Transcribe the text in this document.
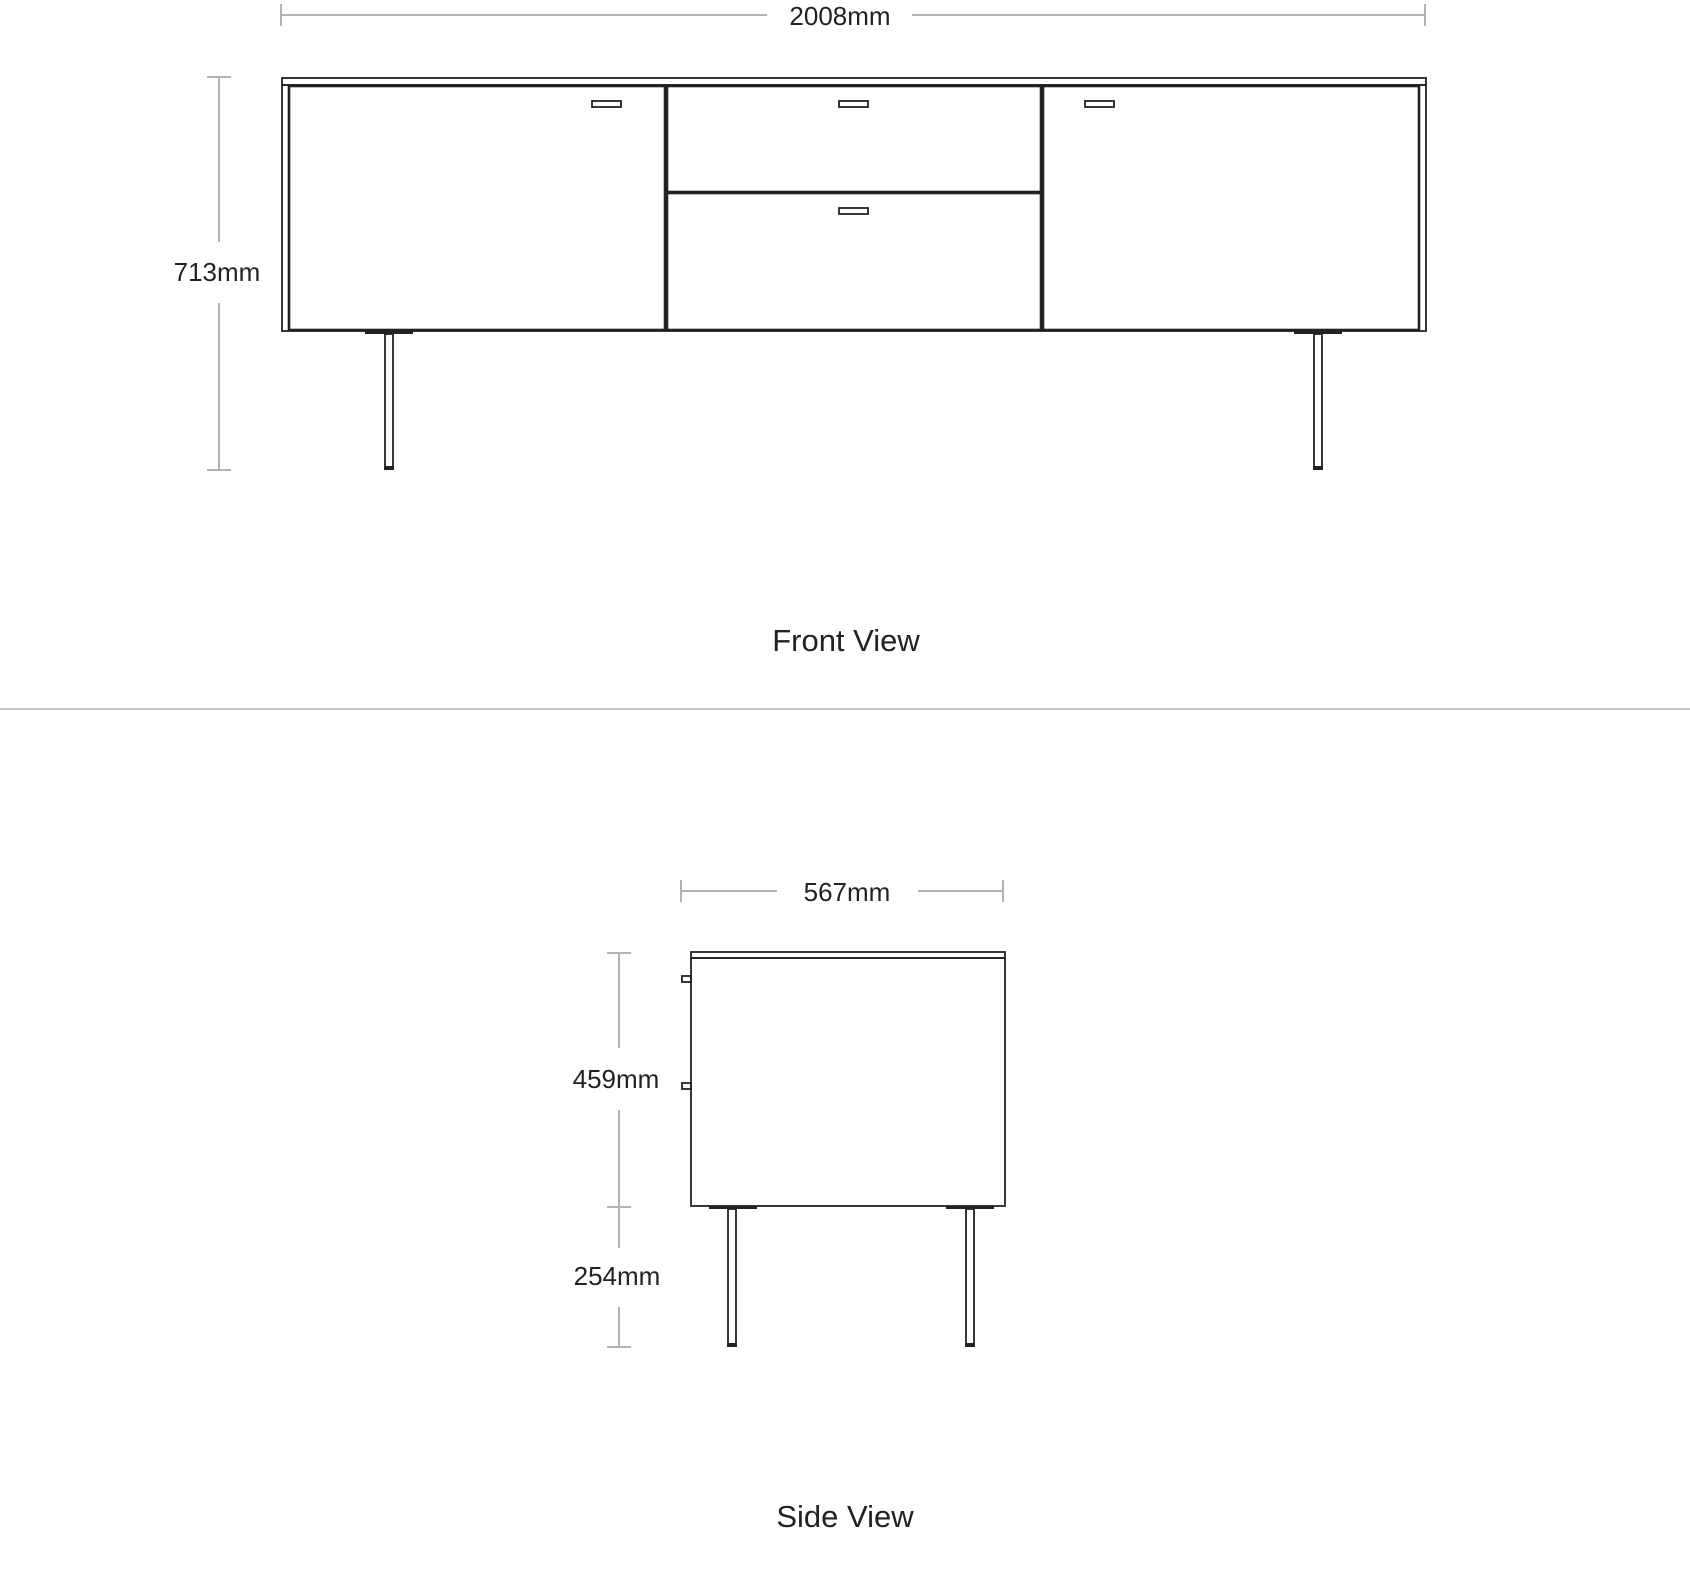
2008mm
713mm
Front View
567mm
459mm
254mm
Side View
